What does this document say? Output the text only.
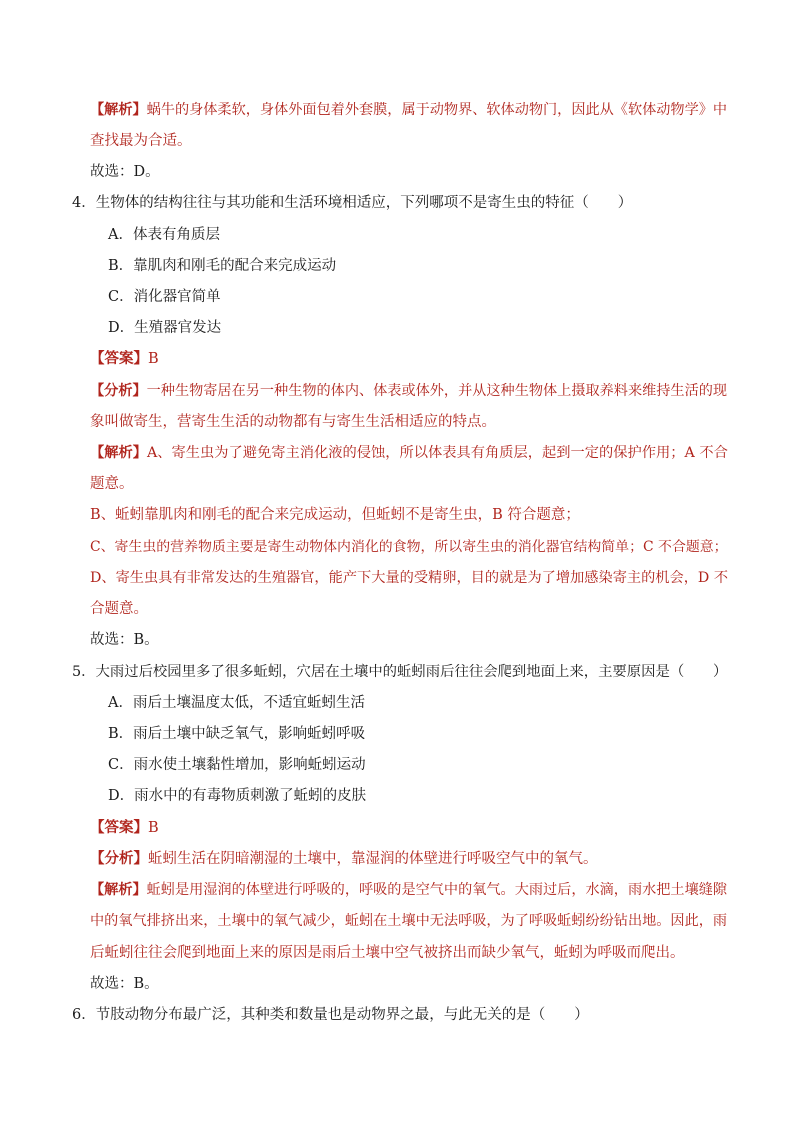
【解析】蜗牛的身体柔软，身体外面包着外套膜，属于动物界、软体动物门，因此从《软体动物学》中
查找最为合适。
故选：D。
4．生物体的结构往往与其功能和生活环境相适应，下列哪项不是寄生虫的特征（　　）
A．体表有角质层
B．靠肌肉和刚毛的配合来完成运动
C．消化器官简单
D．生殖器官发达
【答案】B
【分析】一种生物寄居在另一种生物的体内、体表或体外，并从这种生物体上摄取养料来维持生活的现
象叫做寄生，营寄生生活的动物都有与寄生生活相适应的特点。
【解析】A、寄生虫为了避免寄主消化液的侵蚀，所以体表具有角质层，起到一定的保护作用；A 不合
题意。
B、蚯蚓靠肌肉和刚毛的配合来完成运动，但蚯蚓不是寄生虫，B 符合题意；
C、寄生虫的营养物质主要是寄生动物体内消化的食物，所以寄生虫的消化器官结构简单；C 不合题意；
D、寄生虫具有非常发达的生殖器官，能产下大量的受精卵，目的就是为了增加感染寄主的机会，D 不
合题意。
故选：B。
5．大雨过后校园里多了很多蚯蚓，穴居在土壤中的蚯蚓雨后往往会爬到地面上来，主要原因是（　　）
A．雨后土壤温度太低，不适宜蚯蚓生活
B．雨后土壤中缺乏氧气，影响蚯蚓呼吸
C．雨水使土壤黏性增加，影响蚯蚓运动
D．雨水中的有毒物质刺激了蚯蚓的皮肤
【答案】B
【分析】蚯蚓生活在阴暗潮湿的土壤中，靠湿润的体壁进行呼吸空气中的氧气。
【解析】蚯蚓是用湿润的体壁进行呼吸的，呼吸的是空气中的氧气。大雨过后，水滴，雨水把土壤缝隙
中的氧气排挤出来，土壤中的氧气减少，蚯蚓在土壤中无法呼吸，为了呼吸蚯蚓纷纷钻出地。因此，雨
后蚯蚓往往会爬到地面上来的原因是雨后土壤中空气被挤出而缺少氧气，蚯蚓为呼吸而爬出。
故选：B。
6．节肢动物分布最广泛，其种类和数量也是动物界之最，与此无关的是（　　）
